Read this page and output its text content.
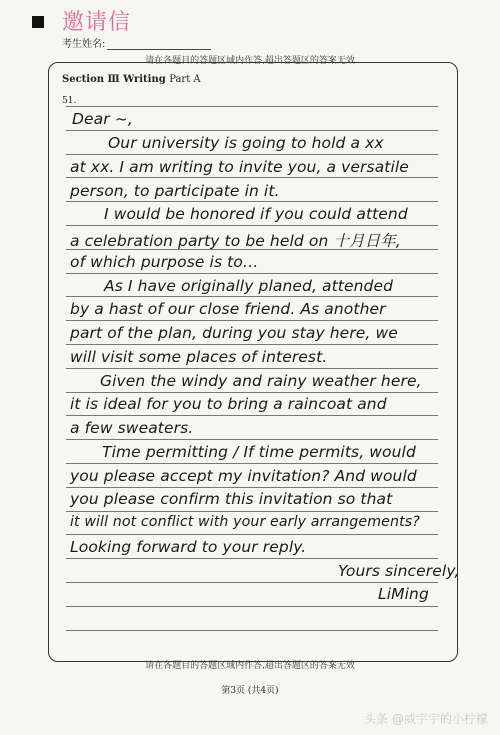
邀请信
考生姓名:
请在各题目的答题区域内作答,超出答题区的答案无效
Section Ⅲ Writing Part A
51.
Dear ~,
Our university is going to hold a xx
at xx. I am writing to invite you, a versatile
person, to participate in it.
I would be honored if you could attend
a celebration party to be held on 十月日年,
of which purpose is to…
As I have originally planed, attended
by a hast of our close friend. As another
part of the plan, during you stay here, we
will visit some places of interest.
Given the windy and rainy weather here,
it is ideal for you to bring a raincoat and
a few sweaters.
Time permitting / If time permits, would
you please accept my invitation? And would
you please confirm this invitation so that
it will not conflict with your early arrangements?
Looking forward to your reply.
Yours sincerely,
LiMing
请在各题目的答题区域内作答,超出答题区的答案无效
第3页 (共4页)
头条 @威宇宇的小柠檬
